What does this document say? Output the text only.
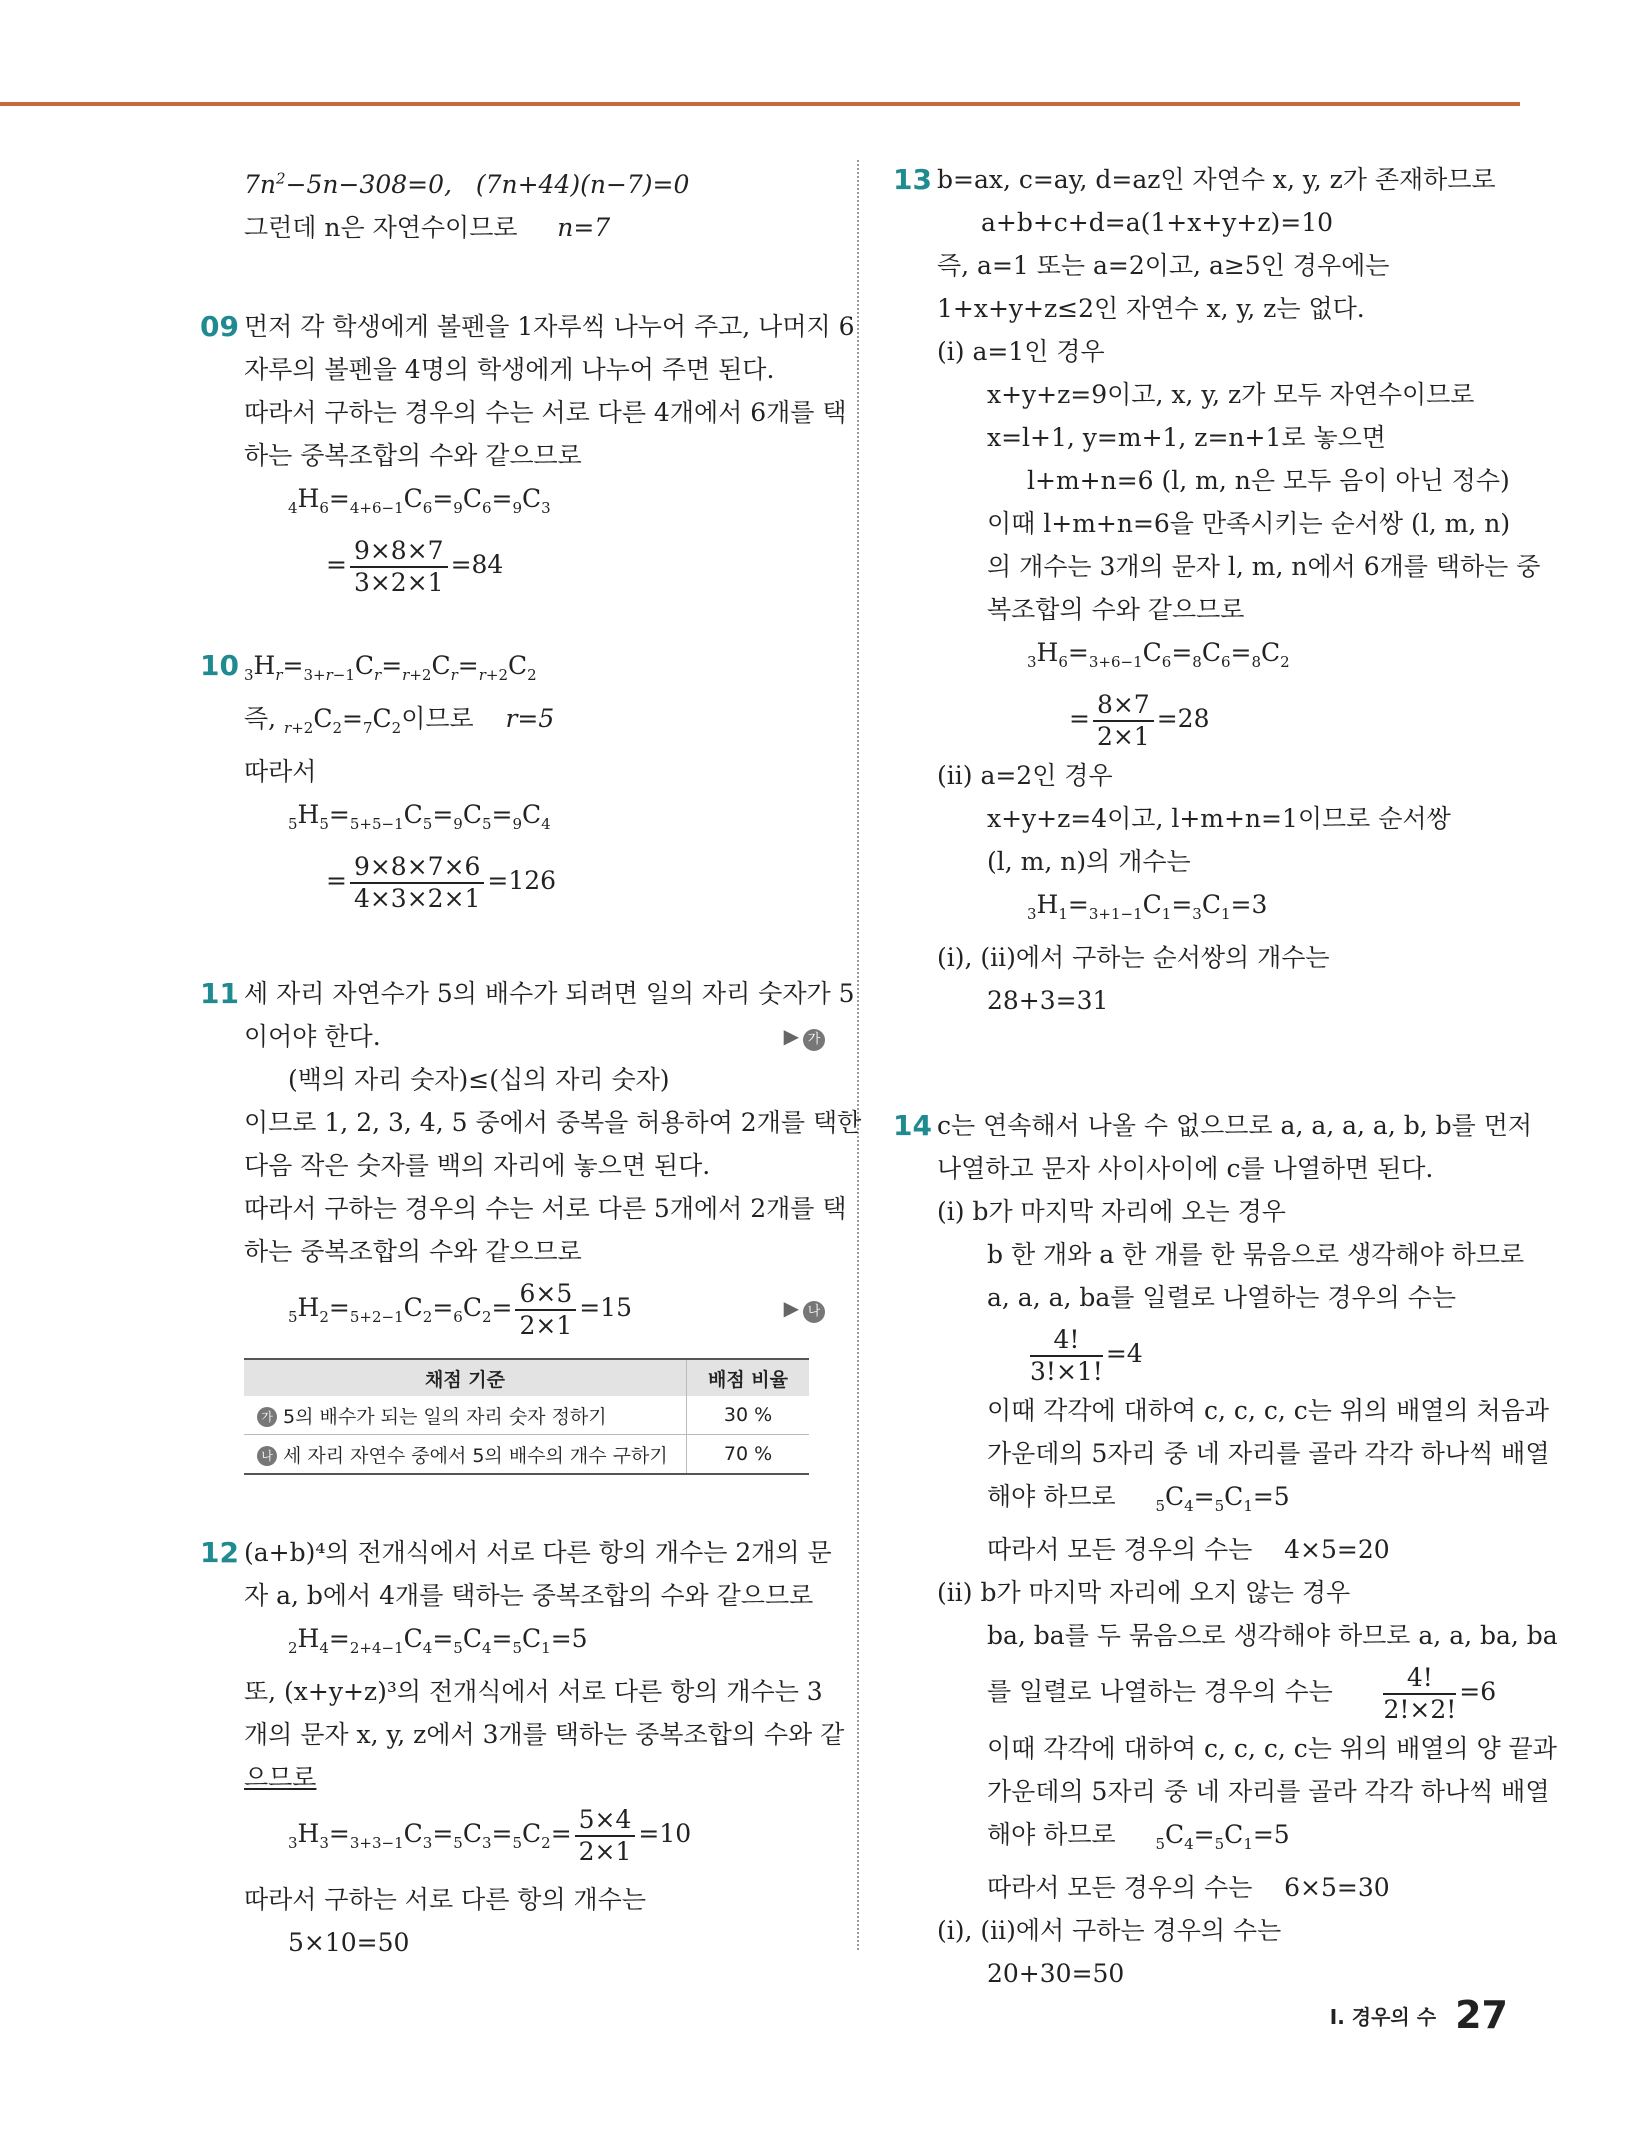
$7n^2-5n-308=0$,   (7n+44)(n−7)=0
그런데 n은 자연수이므로 n=7
09 먼저 각 학생에게 볼펜을 1자루씩 나누어 주고, 나머지 6
자루의 볼펜을 4명의 학생에게 나누어 주면 된다.
따라서 구하는 경우의 수는 서로 다른 4개에서 6개를 택
하는 중복조합의 수와 같으므로
$_4H_6=_{4+6-1}C_6=_9C_6=_9C_3$
= $\frac{9\times 8\times 7}{3\times 2\times 1} =84$
10 $_3H_r=_{3+r-1}C_r=_{r+2}C_r=_{r+2}C_2$
즉, $_{r+2}C_2=_7C_2$이므로 r=5
따라서
$_5H_5=_{5+5-1}C_5=_9C_5=_9C_4$
= $\frac{9\times 8\times 7\times 6}{4\times 3\times 2\times 1} =126$
11 세 자리 자연수가 5의 배수가 되려면 일의 자리 숫자가 5
이어야 한다.	▶ 가
(백의 자리 숫자)≤(십의 자리 숫자)
이므로 1, 2, 3, 4, 5 중에서 중복을 허용하여 2개를 택한
다음 작은 숫자를 백의 자리에 놓으면 된다.
따라서 구하는 경우의 수는 서로 다른 5개에서 2개를 택
하는 중복조합의 수와 같으므로
$_5H_2=_{5+2-1}C_2=_6C_2= \frac{6\times 5}{2\times 1} =15$	▶ 나
채점 기준	배점 비율
가 5의 배수가 되는 일의 자리 숫자 정하기	30 %
나 세 자리 자연수 중에서 5의 배수의 개수 구하기	70 %
12 (a+b)⁴의 전개식에서 서로 다른 항의 개수는 2개의 문
자 a, b에서 4개를 택하는 중복조합의 수와 같으므로
$_2H_4=_{2+4-1}C_4=_5C_4=_5C_1=5$
또, (x+y+z)³의 전개식에서 서로 다른 항의 개수는 3
개의 문자 x, y, z에서 3개를 택하는 중복조합의 수와 같
으므로
$_3H_3=_{3+3-1}C_3=_5C_3=_5C_2= \frac{5\times 4}{2\times 1} =10$
따라서 구하는 서로 다른 항의 개수는
5×10=50
13 b=ax, c=ay, d=az인 자연수 x, y, z가 존재하므로
a+b+c+d=a(1+x+y+z)=10
즉, a=1 또는 a=2이고, a≥5인 경우에는
1+x+y+z≤2인 자연수 x, y, z는 없다.
(ⅰ) a=1인 경우
x+y+z=9이고, x, y, z가 모두 자연수이므로
x=l+1, y=m+1, z=n+1로 놓으면
l+m+n=6 (l, m, n은 모두 음이 아닌 정수)
이때 l+m+n=6을 만족시키는 순서쌍 (l, m, n)
의 개수는 3개의 문자 l, m, n에서 6개를 택하는 중
복조합의 수와 같으므로
$_3H_6=_{3+6-1}C_6=_8C_6=_8C_2$
= $\frac{8\times 7}{2\times 1} =28$
(ⅱ) a=2인 경우
x+y+z=4이고, l+m+n=1이므로 순서쌍
(l, m, n)의 개수는
$_3H_1=_{3+1-1}C_1=_3C_1=3$
(ⅰ), (ⅱ)에서 구하는 순서쌍의 개수는
28+3=31
14 c는 연속해서 나올 수 없으므로 a, a, a, a, b, b를 먼저
나열하고 문자 사이사이에 c를 나열하면 된다.
(ⅰ) b가 마지막 자리에 오는 경우
b 한 개와 a 한 개를 한 묶음으로 생각해야 하므로
a, a, a, ba를 일렬로 나열하는 경우의 수는
$\frac{4!}{3!\times 1!} =4$
이때 각각에 대하여 c, c, c, c는 위의 배열의 처음과
가운데의 5자리 중 네 자리를 골라 각각 하나씩 배열
해야 하므로	$_5C_4=_5C_1=5$
따라서 모든 경우의 수는 4×5=20
(ⅱ) b가 마지막 자리에 오지 않는 경우
ba, ba를 두 묶음으로 생각해야 하므로 a, a, ba, ba
를 일렬로 나열하는 경우의 수는 $\frac{4!}{2!\times 2!} =6$
이때 각각에 대하여 c, c, c, c는 위의 배열의 양 끝과
가운데의 5자리 중 네 자리를 골라 각각 하나씩 배열
해야 하므로	$_5C_4=_5C_1=5$
따라서 모든 경우의 수는 6×5=30
(ⅰ), (ⅱ)에서 구하는 경우의 수는
20+30=50
Ⅰ. 경우의 수 27
